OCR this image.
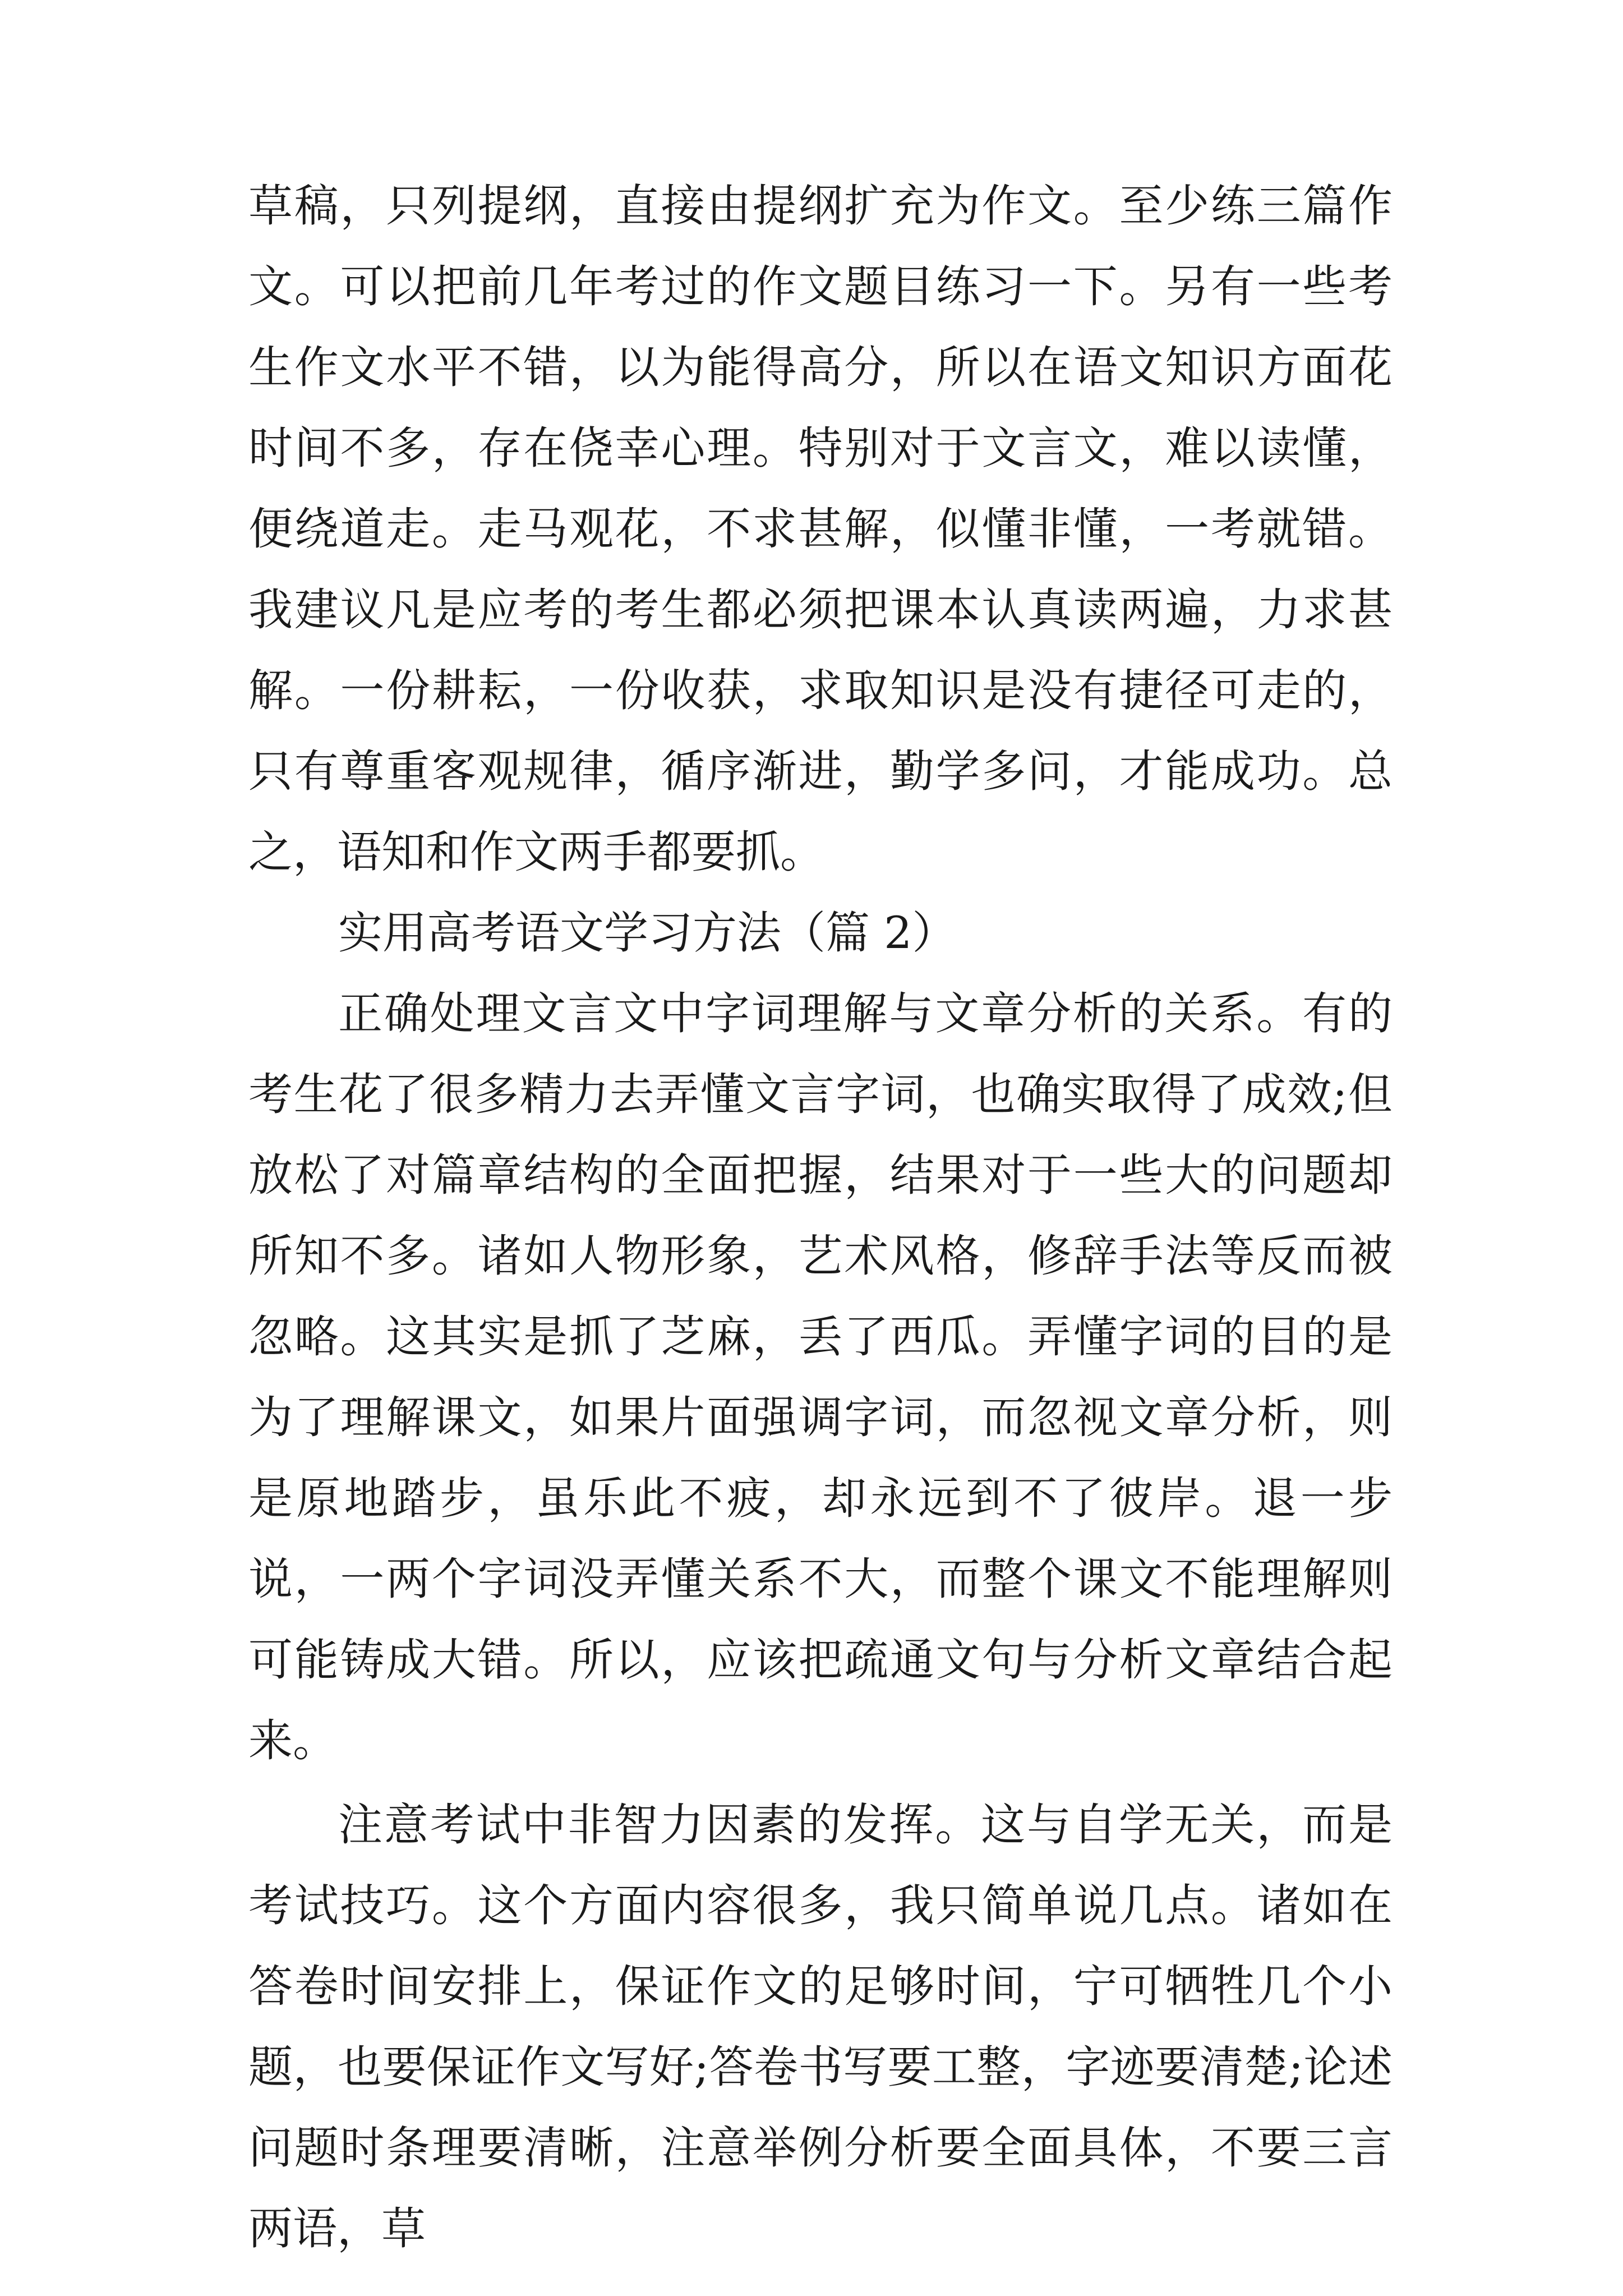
草稿，只列提纲，直接由提纲扩充为作文。至少练三篇作文。可以把前几年考过的作文题目练习一下。另有一些考生作文水平不错，以为能得高分，所以在语文知识方面花时间不多，存在侥幸心理。特别对于文言文，难以读懂，便绕道走。走马观花，不求甚解，似懂非懂，一考就错。我建议凡是应考的考生都必须把课本认真读两遍，力求甚解。一份耕耘，一份收获，求取知识是没有捷径可走的，只有尊重客观规律，循序渐进，勤学多问，才能成功。总之，语知和作文两手都要抓。

实用高考语文学习方法（篇 2）

正确处理文言文中字词理解与文章分析的关系。有的考生花了很多精力去弄懂文言字词，也确实取得了成效;但放松了对篇章结构的全面把握，结果对于一些大的问题却所知不多。诸如人物形象，艺术风格，修辞手法等反而被忽略。这其实是抓了芝麻，丢了西瓜。弄懂字词的目的是为了理解课文，如果片面强调字词，而忽视文章分析，则是原地踏步，虽乐此不疲，却永远到不了彼岸。退一步说，一两个字词没弄懂关系不大，而整个课文不能理解则可能铸成大错。所以，应该把疏通文句与分析文章结合起来。

注意考试中非智力因素的发挥。这与自学无关，而是考试技巧。这个方面内容很多，我只简单说几点。诸如在答卷时间安排上，保证作文的足够时间，宁可牺牲几个小题，也要保证作文写好;答卷书写要工整，字迹要清楚;论述问题时条理要清晰，注意举例分析要全面具体，不要三言两语，草
